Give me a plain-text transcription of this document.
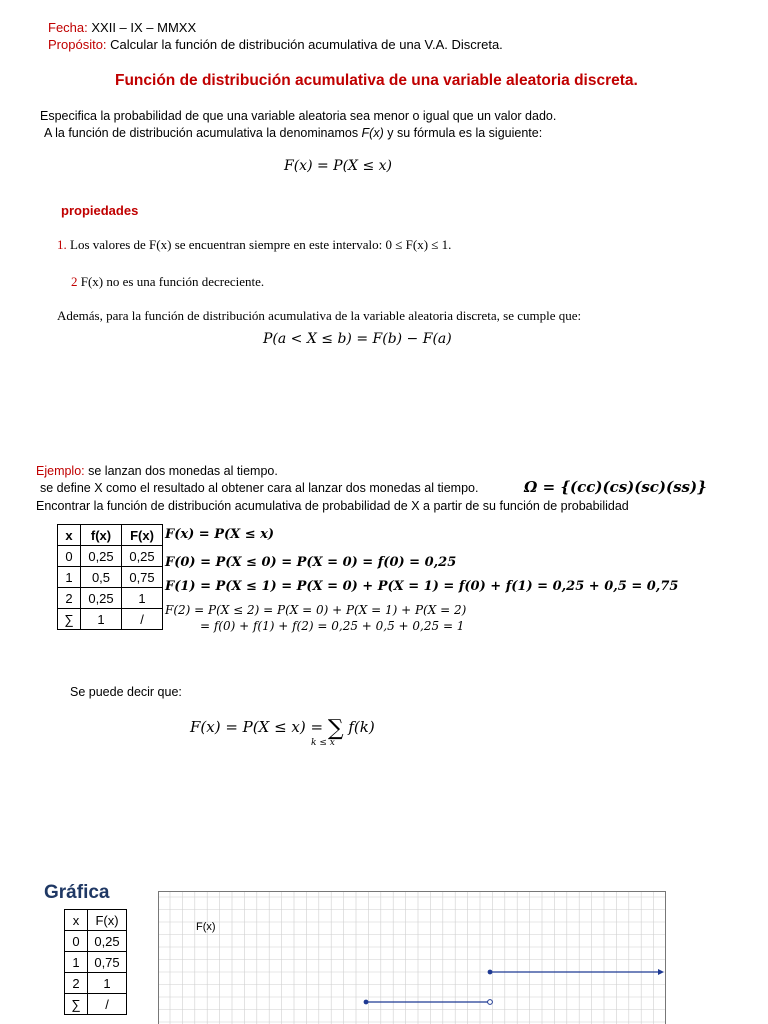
Fecha: XXII – IX – MMXX
Propósito: Calcular la función de distribución acumulativa de una V.A. Discreta.
Función de distribución acumulativa de una variable aleatoria discreta.
Especifica la probabilidad de que una variable aleatoria sea menor o igual que un valor dado.
A la función de distribución acumulativa la denominamos F(x) y su fórmula es la siguiente:
F(x) = P(X ≤ x)
propiedades
1. Los valores de F(x) se encuentran siempre en este intervalo: 0 ≤ F(x) ≤ 1.
2 F(x) no es una función decreciente.
Además, para la función de distribución acumulativa de la variable aleatoria discreta, se cumple que:
P(a < X ≤ b) = F(b) − F(a)
Ejemplo: se lanzan dos monedas al tiempo.
se define X como el resultado al obtener cara al lanzar dos monedas al tiempo.	Ω = {(cc)(cs)(sc)(ss)}
Encontrar la función de distribución acumulativa de probabilidad de X a partir de su función de probabilidad
x	f(x)	F(x)
0	0,25	0,25
1	0,5	0,75
2	0,25	1
∑	1	/
F(x) = P(X ≤ x)
F(0) = P(X ≤ 0) = P(X = 0) = f(0) = 0,25
F(1) = P(X ≤ 1) = P(X = 0) + P(X = 1) = f(0) + f(1) = 0,25 + 0,5 = 0,75
F(2) = P(X ≤ 2) = P(X = 0) + P(X = 1) + P(X = 2)
= f(0) + f(1) + f(2) = 0,25 + 0,5 + 0,25 = 1
Se puede decir que:
F(x) = P(X ≤ x) = ∑ f(k)
k ≤ x
Gráfica
x	F(x)
0	0,25
1	0,75
2	1
∑	/
F(x)
